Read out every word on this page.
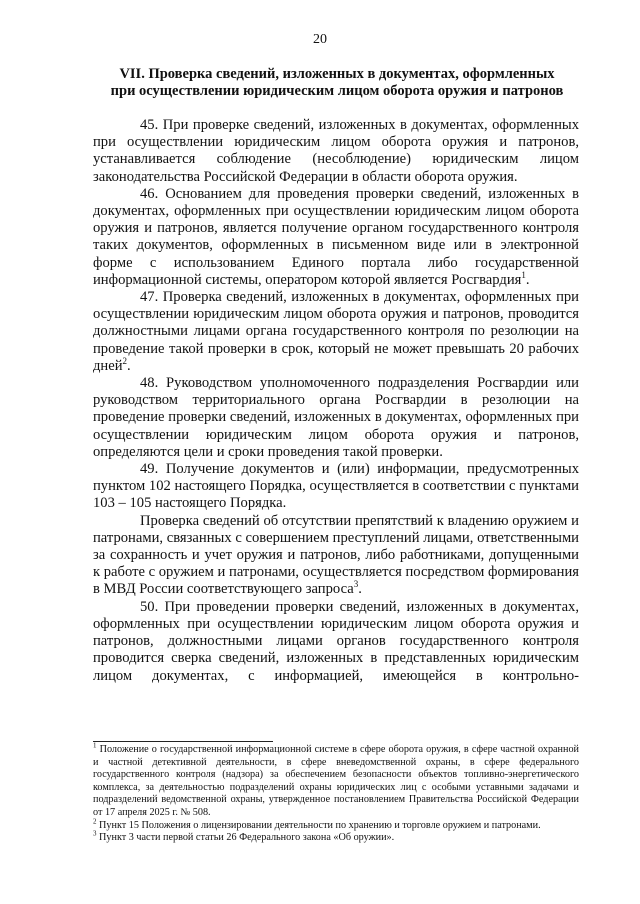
20
VII. Проверка сведений, изложенных в документах, оформленных
при осуществлении юридическим лицом оборота оружия и патронов

45. При проверке сведений, изложенных в документах, оформленных при осуществлении юридическим лицом оборота оружия и патронов, устанавливается соблюдение (несоблюдение) юридическим лицом законодательства Российской Федерации в области оборота оружия.

46. Основанием для проведения проверки сведений, изложенных в документах, оформленных при осуществлении юридическим лицом оборота оружия и патронов, является получение органом государственного контроля таких документов, оформленных в письменном виде или в электронной форме с использованием Единого портала либо государственной информационной системы, оператором которой является Росгвардия$^1$.

47. Проверка сведений, изложенных в документах, оформленных при осуществлении юридическим лицом оборота оружия и патронов, проводится должностными лицами органа государственного контроля по резолюции на проведение такой проверки в срок, который не может превышать 20 рабочих дней$^2$.

48. Руководством уполномоченного подразделения Росгвардии или руководством территориального органа Росгвардии в резолюции на проведение проверки сведений, изложенных в документах, оформленных при осуществлении юридическим лицом оборота оружия и патронов, определяются цели и сроки проведения такой проверки.

49. Получение документов и (или) информации, предусмотренных пунктом 102 настоящего Порядка, осуществляется в соответствии с пунктами 103 – 105 настоящего Порядка.

Проверка сведений об отсутствии препятствий к владению оружием и патронами, связанных с совершением преступлений лицами, ответственными за сохранность и учет оружия и патронов, либо работниками, допущенными к работе с оружием и патронами, осуществляется посредством формирования в МВД России соответствующего запроса$^3$.

50. При проведении проверки сведений, изложенных в документах, оформленных при осуществлении юридическим лицом оборота оружия и патронов, должностными лицами органов государственного контроля проводится сверка сведений, изложенных в представленных юридическим лицом документах, с информацией, имеющейся в контрольно-

$^1$ Положение о государственной информационной системе в сфере оборота оружия, в сфере частной охранной и частной детективной деятельности, в сфере вневедомственной охраны, в сфере федерального государственного контроля (надзора) за обеспечением безопасности объектов топливно-энергетического комплекса, за деятельностью подразделений охраны юридических лиц с особыми уставными задачами и подразделений ведомственной охраны, утвержденное постановлением Правительства Российской Федерации от 17 апреля 2025 г. № 508.

$^2$ Пункт 15 Положения о лицензировании деятельности по хранению и торговле оружием и патронами.

$^3$ Пункт 3 части первой статьи 26 Федерального закона «Об оружии».
